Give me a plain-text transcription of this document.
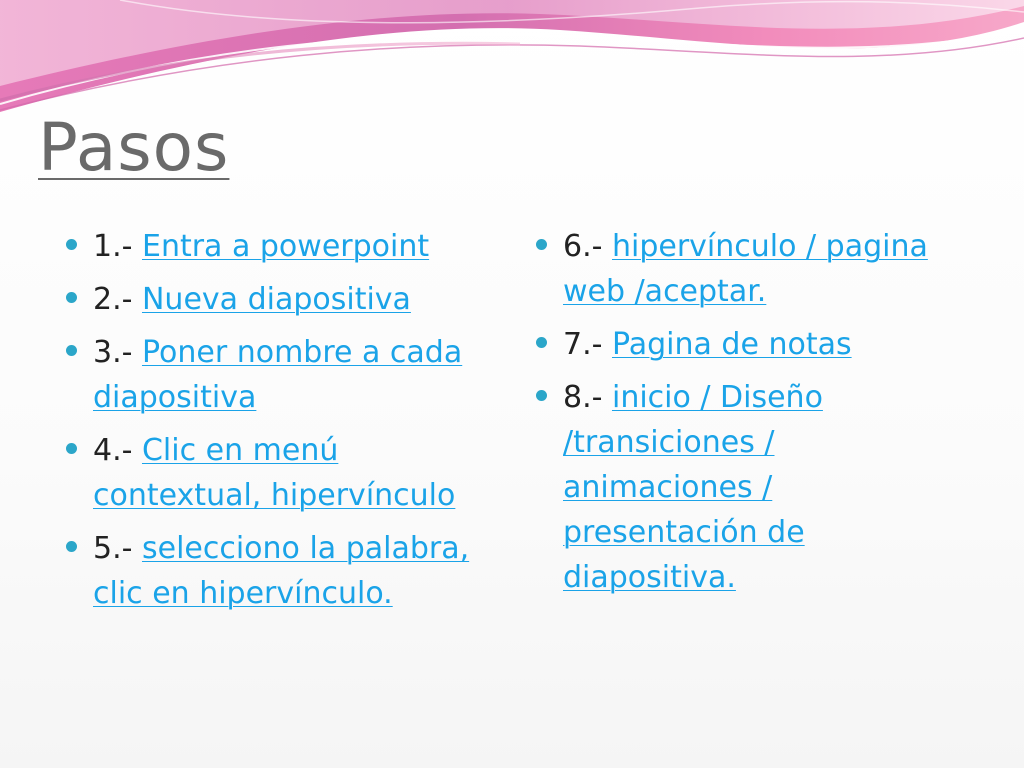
Pasos
1.- Entra a powerpoint
2.- Nueva diapositiva
3.- Poner nombre a cada diapositiva
4.- Clic en menú contextual, hipervínculo
5.- selecciono la palabra, clic en hipervínculo.
6.- hipervínculo / pagina web /aceptar.
7.- Pagina de notas
8.- inicio / Diseño /transiciones / animaciones / presentación de diapositiva.
